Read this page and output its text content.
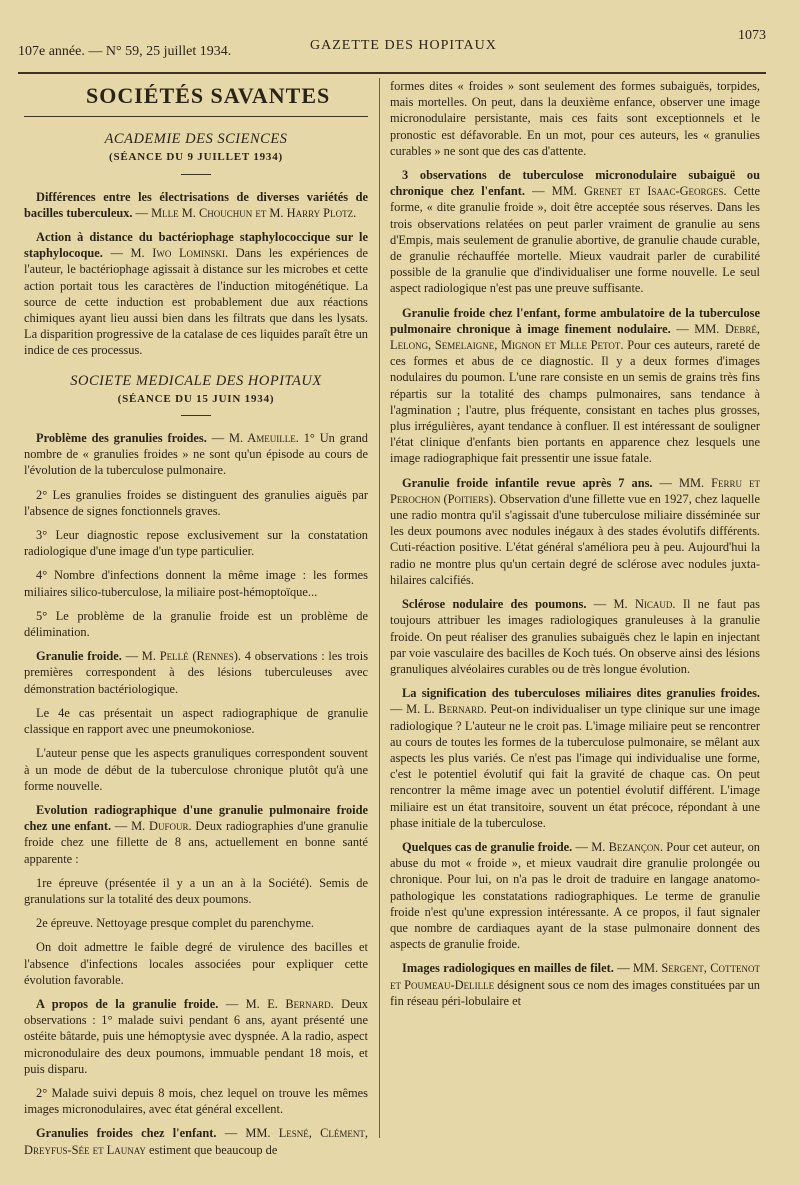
107e année. — N° 59, 25 juillet 1934.	GAZETTE DES HOPITAUX
1073
SOCIÉTÉS SAVANTES
ACADEMIE DES SCIENCES
(SÉANCE DU 9 JUILLET 1934)

Différences entre les électrisations de diverses variétés de bacilles tuberculeux. — Mlle M. Chouchun et M. Harry Plotz.

Action à distance du bactériophage staphylococcique sur le staphylocoque. — M. Iwo Lominski. Dans les expériences de l'auteur, le bactériophage agissait à distance sur les microbes et cette action portait tous les caractères de l'induction mitogénétique. La source de cette induction est probablement due aux réactions chimiques ayant lieu aussi bien dans les filtrats que dans les lysats. La disparition progressive de la catalase de ces liquides paraît être un indice de ces processus.

SOCIETE MEDICALE DES HOPITAUX
(SÉANCE DU 15 JUIN 1934)

Problème des granulies froides. — M. Ameuille. 1° Un grand nombre de « granulies froides » ne sont qu'un épisode au cours de l'évolution de la tuberculose pulmonaire.

2° Les granulies froides se distinguent des granulies aiguës par l'absence de signes fonctionnels graves.

3° Leur diagnostic repose exclusivement sur la constatation radiologique d'une image d'un type particulier.

4° Nombre d'infections donnent la même image : les formes miliaires silico-tuberculose, la miliaire post-hémoptoïque...

5° Le problème de la granulie froide est un problème de délimination.

Granulie froide. — M. Pellé (Rennes). 4 observations : les trois premières correspondent à des lésions tuberculeuses avec démonstration bactériologique.

Le 4e cas présentait un aspect radiographique de granulie classique en rapport avec une pneumokoniose.

L'auteur pense que les aspects granuliques correspondent souvent à un mode de début de la tuberculose chronique plutôt qu'à une forme nouvelle.

Evolution radiographique d'une granulie pulmonaire froide chez une enfant. — M. Dufour. Deux radiographies d'une granulie froide chez une fillette de 8 ans, actuellement en bonne santé apparente :

1re épreuve (présentée il y a un an à la Société). Semis de granulations sur la totalité des deux poumons.

2e épreuve. Nettoyage presque complet du parenchyme.

On doit admettre le faible degré de virulence des bacilles et l'absence d'infections locales associées pour expliquer cette évolution favorable.

A propos de la granulie froide. — M. E. Bernard. Deux observations : 1° malade suivi pendant 6 ans, ayant présenté une ostéite bâtarde, puis une hémoptysie avec dyspnée. A la radio, aspect micronodulaire des deux poumons, immuable pendant 18 mois, et puis disparu.

2° Malade suivi depuis 8 mois, chez lequel on trouve les mêmes images micronodulaires, avec état général excellent.

Granulies froides chez l'enfant. — MM. Lesné, Clément, Dreyfus-Sée et Launay estiment que beaucoup de

formes dites « froides » sont seulement des formes subaiguës, torpides, mais mortelles. On peut, dans la deuxième enfance, observer une image micronodulaire persistante, mais ces faits sont exceptionnels et le pronostic est défavorable. En un mot, pour ces auteurs, les « granulies curables » ne sont que des cas d'attente.

3 observations de tuberculose micronodulaire subaiguë ou chronique chez l'enfant. — MM. Grenet et Isaac-Georges. Cette forme, « dite granulie froide », doit être acceptée sous réserves. Dans les trois observations relatées on peut parler vraiment de granulie au sens d'Empis, mais seulement de granulie abortive, de granulie chaude curable, de granulie réchauffée mortelle. Mieux vaudrait parler de curabilité possible de la granulie que d'individualiser une forme nouvelle. Le seul aspect radiologique n'est pas une preuve suffisante.

Granulie froide chez l'enfant, forme ambulatoire de la tuberculose pulmonaire chronique à image finement nodulaire. — MM. Debré, Lelong, Semelaigne, Mignon et Mlle Petot. Pour ces auteurs, rareté de ces formes et abus de ce diagnostic. Il y a deux formes d'images nodulaires du poumon. L'une rare consiste en un semis de grains très fins répartis sur la totalité des champs pulmonaires, sans tendance à l'agmination ; l'autre, plus fréquente, consistant en taches plus grosses, plus irrégulières, ayant tendance à confluer. Il est intéressant de souligner l'état clinique d'enfants bien portants en apparence chez lesquels une image radiographique fait pressentir une issue fatale.

Granulie froide infantile revue après 7 ans. — MM. Ferru et Perochon (Poitiers). Observation d'une fillette vue en 1927, chez laquelle une radio montra qu'il s'agissait d'une tuberculose miliaire disséminée sur les deux poumons avec nodules inégaux à des stades évolutifs différents. Cuti-réaction positive. L'état général s'améliora peu à peu. Aujourd'hui la radio ne montre plus qu'un certain degré de sclérose avec nodules juxta-hilaires calcifiés.

Sclérose nodulaire des poumons. — M. Nicaud. Il ne faut pas toujours attribuer les images radiologiques granuleuses à la granulie froide. On peut réaliser des granulies subaiguës chez le lapin en injectant par voie vasculaire des bacilles de Koch tués. On observe ainsi des lésions granuliques alvéolaires curables ou de très longue évolution.

La signification des tuberculoses miliaires dites granulies froides. — M. L. Bernard. Peut-on individualiser un type clinique sur une image radiologique ? L'auteur ne le croit pas. L'image miliaire peut se rencontrer au cours de toutes les formes de la tuberculose pulmonaire, se mêlant aux aspects les plus variés. Ce n'est pas l'image qui individualise une forme, c'est le potentiel évolutif qui fait la gravité de chaque cas. On peut rencontrer la même image avec un potentiel évolutif différent. L'image miliaire est un état transitoire, souvent un état précoce, répondant à une phase initiale de la tuberculose.

Quelques cas de granulie froide. — M. Bezançon. Pour cet auteur, on abuse du mot « froide », et mieux vaudrait dire granulie prolongée ou chronique. Pour lui, on n'a pas le droit de traduire en langage anatomo-pathologique les constatations radiographiques. Le terme de granulie froide n'est qu'une expression intéressante. A ce propos, il faut signaler que nombre de cardiaques ayant de la stase pulmonaire donnent des aspects de granulie froide.

Images radiologiques en mailles de filet. — MM. Sergent, Cottenot et Poumeau-Delille désignent sous ce nom des images constituées par un fin réseau péri-lobulaire et
